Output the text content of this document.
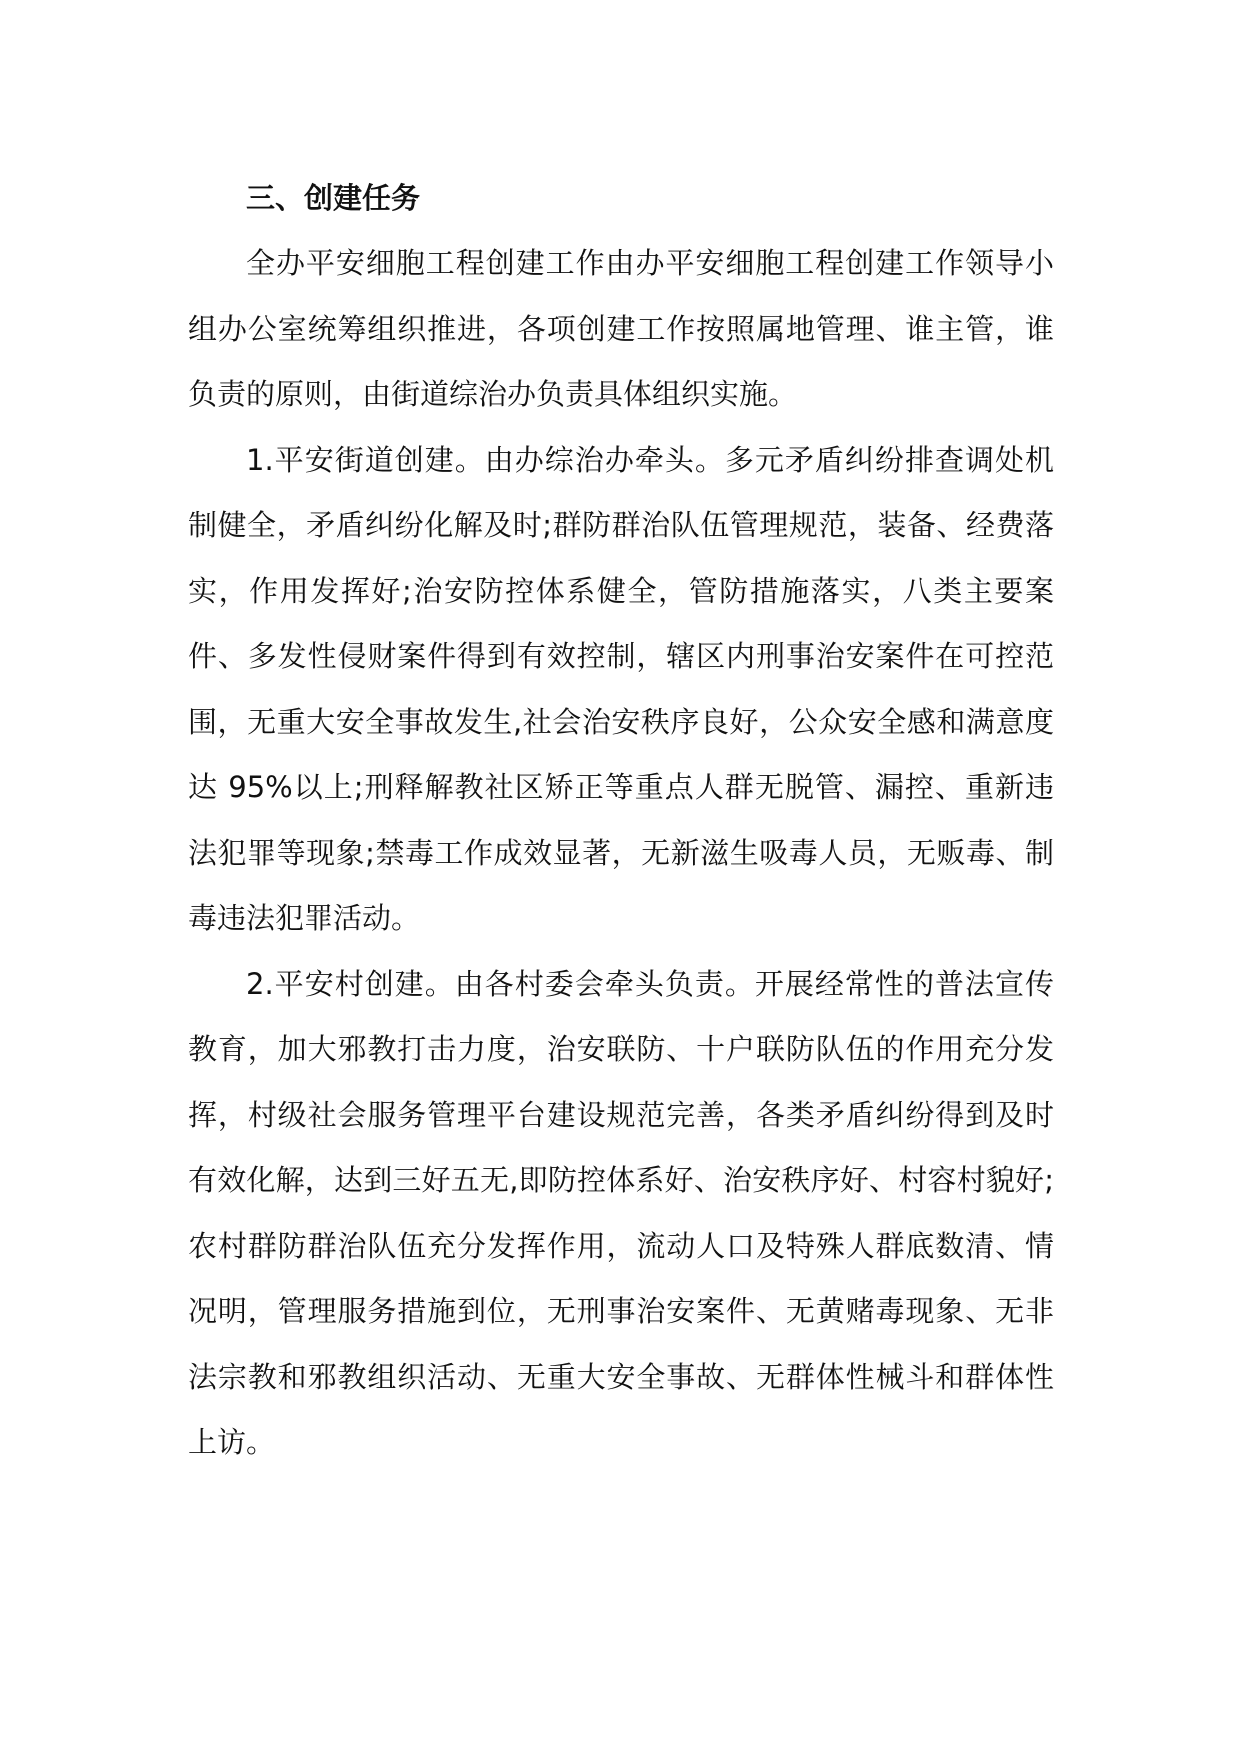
三、创建任务

全办平安细胞工程创建工作由办平安细胞工程创建工作领导小组办公室统筹组织推进，各项创建工作按照属地管理、谁主管，谁负责的原则，由街道综治办负责具体组织实施。

1.平安街道创建。由办综治办牵头。多元矛盾纠纷排查调处机制健全，矛盾纠纷化解及时;群防群治队伍管理规范，装备、经费落实，作用发挥好;治安防控体系健全，管防措施落实，八类主要案件、多发性侵财案件得到有效控制，辖区内刑事治安案件在可控范围，无重大安全事故发生,社会治安秩序良好，公众安全感和满意度达 95%以上;刑释解教社区矫正等重点人群无脱管、漏控、重新违法犯罪等现象;禁毒工作成效显著，无新滋生吸毒人员，无贩毒、制毒违法犯罪活动。

2.平安村创建。由各村委会牵头负责。开展经常性的普法宣传教育，加大邪教打击力度，治安联防、十户联防队伍的作用充分发挥，村级社会服务管理平台建设规范完善，各类矛盾纠纷得到及时有效化解，达到三好五无,即防控体系好、治安秩序好、村容村貌好;农村群防群治队伍充分发挥作用，流动人口及特殊人群底数清、情况明，管理服务措施到位，无刑事治安案件、无黄赌毒现象、无非法宗教和邪教组织活动、无重大安全事故、无群体性械斗和群体性上访。
